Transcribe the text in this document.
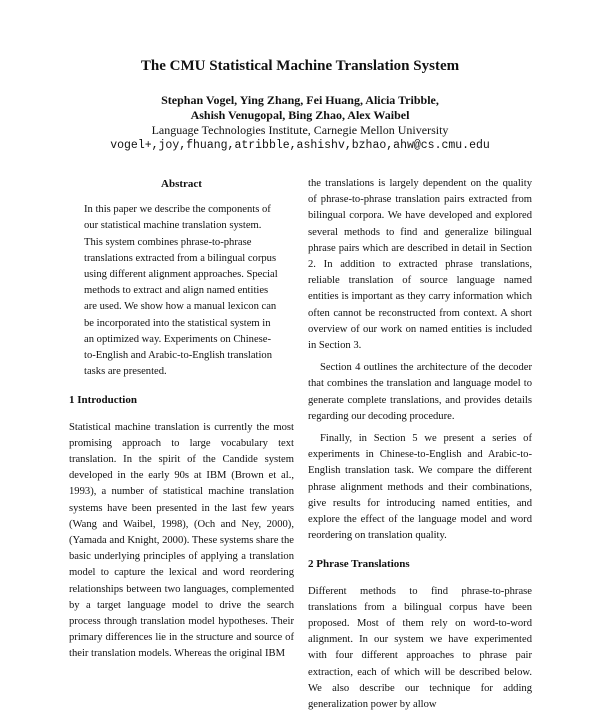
The CMU Statistical Machine Translation System
Stephan Vogel, Ying Zhang, Fei Huang, Alicia Tribble,
Ashish Venugopal, Bing Zhao, Alex Waibel
Language Technologies Institute, Carnegie Mellon University
vogel+,joy,fhuang,atribble,ashishv,bzhao,ahw@cs.cmu.edu

Abstract

In this paper we describe the components of our statistical machine translation system. This system combines phrase-to-phrase translations extracted from a bilingual corpus using different alignment approaches. Special methods to extract and align named entities are used. We show how a manual lexicon can be incorporated into the statistical system in an optimized way. Experiments on Chinese-to-English and Arabic-to-English translation tasks are presented.

1 Introduction

Statistical machine translation is currently the most promising approach to large vocabulary text translation. In the spirit of the Candide system developed in the early 90s at IBM (Brown et al., 1993), a number of statistical machine translation systems have been presented in the last few years (Wang and Waibel, 1998), (Och and Ney, 2000), (Yamada and Knight, 2000). These systems share the basic underlying principles of applying a translation model to capture the lexical and word reordering relationships between two languages, complemented by a target language model to drive the search process through translation model hypotheses. Their primary differences lie in the structure and source of their translation models. Whereas the original IBM

the translations is largely dependent on the quality of phrase-to-phrase translation pairs extracted from bilingual corpora. We have developed and explored several methods to find and generalize bilingual phrase pairs which are described in detail in Section 2. In addition to extracted phrase translations, reliable translation of source language named entities is important as they carry information which often cannot be reconstructed from context. A short overview of our work on named entities is included in Section 3.

Section 4 outlines the architecture of the decoder that combines the translation and language model to generate complete translations, and provides details regarding our decoding procedure.

Finally, in Section 5 we present a series of experiments in Chinese-to-English and Arabic-to-English translation task. We compare the different phrase alignment methods and their combinations, give results for introducing named entities, and explore the effect of the language model and word reordering on translation quality.

2 Phrase Translations

Different methods to find phrase-to-phrase translations from a bilingual corpus have been proposed. Most of them rely on word-to-word alignment. In our system we have experimented with four different approaches to phrase pair extraction, each of which will be described below. We also describe our technique for adding generalization power by allow
